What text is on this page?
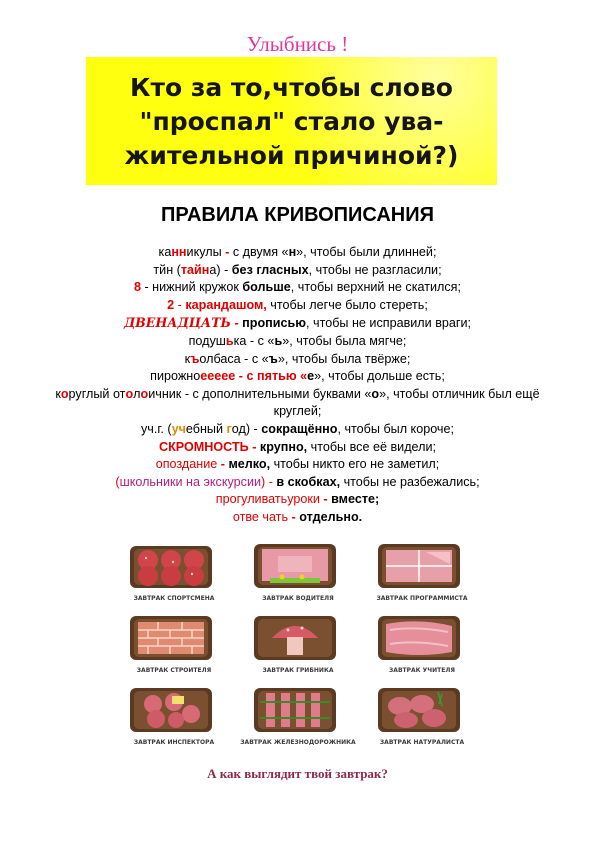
Улыбнись !
Кто за то,чтобы слово
"проспал" стало ува-
жительной причиной?)
ПРАВИЛА КРИВОПИСАНИЯ
канникулы - с двумя «н», чтобы были длинней;
тйн (тайна) - без гласных, чтобы не разгласили;
8 - нижний кружок больше, чтобы верхний не скатился;
2 - карандашом, чтобы легче было стереть;
ДВЕНАДЦАТЬ - прописью, чтобы не исправили враги;
подушька - с «ь», чтобы была мягче;
къолбаса - с «ъ», чтобы была твёрже;
пирожноеееее - с пятью «е», чтобы дольше есть;
коруглый отолоичник - с дополнительными буквами «о», чтобы отличник был ещё круглей;
уч.г. (учебный год) - сокращённо, чтобы был короче;
СКРОМНОСТЬ - крупно, чтобы все её видели;
опоздание - мелко, чтобы никто его не заметил;
(школьники на экскурсии) - в скобках, чтобы не разбежались;
прогуливатьуроки - вместе;
отве чать - отдельно.
ЗАВТРАК СПОРТСМЕНА	ЗАВТРАК ВОДИТЕЛЯ	ЗАВТРАК ПРОГРАММИСТА
ЗАВТРАК СТРОИТЕЛЯ	ЗАВТРАК ГРИБНИКА	ЗАВТРАК УЧИТЕЛЯ
ЗАВТРАК ИНСПЕКТОРА	ЗАВТРАК ЖЕЛЕЗНОДОРОЖНИКА	ЗАВТРАК НАТУРАЛИСТА
А как выглядит твой завтрак?
